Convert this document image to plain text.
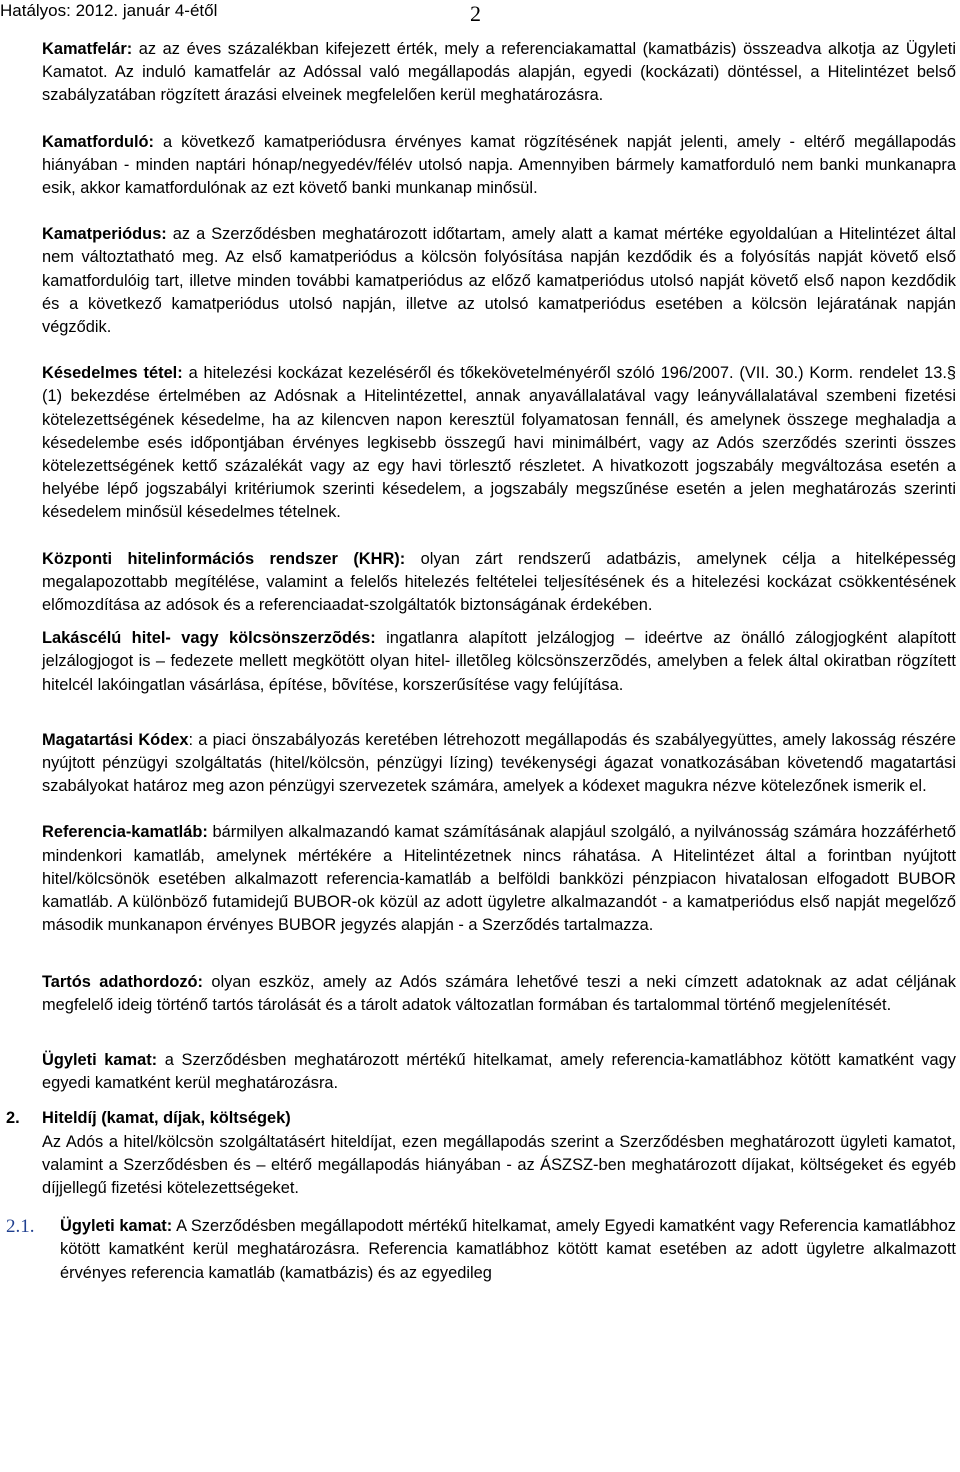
Hatályos: 2012. január 4-étől	2

Kamatfelár: az az éves százalékban kifejezett érték, mely a referenciakamattal (kamatbázis) összeadva alkotja az Ügyleti Kamatot. Az induló kamatfelár az Adóssal való megállapodás alapján, egyedi (kockázati) döntéssel, a Hitelintézet belső szabályzatában rögzített árazási elveinek megfelelően kerül meghatározásra.

Kamatforduló: a következő kamatperiódusra érvényes kamat rögzítésének napját jelenti, amely - eltérő megállapodás hiányában - minden naptári hónap/negyedév/félév utolsó napja. Amennyiben bármely kamatforduló nem banki munkanapra esik, akkor kamatfordulónak az ezt követő banki munkanap minősül.

Kamatperiódus: az a Szerződésben meghatározott időtartam, amely alatt a kamat mértéke egyoldalúan a Hitelintézet által nem változtatható meg. Az első kamatperiódus a kölcsön folyósítása napján kezdődik és a folyósítás napját követő első kamatfordulóig tart, illetve minden további kamatperiódus az előző kamatperiódus utolsó napját követő első napon kezdődik és a következő kamatperiódus utolsó napján, illetve az utolsó kamatperiódus esetében a kölcsön lejáratának napján végződik.

Késedelmes tétel: a hitelezési kockázat kezeléséről és tőkekövetelményéről szóló 196/2007. (VII. 30.) Korm. rendelet 13.§ (1) bekezdése értelmében az Adósnak a Hitelintézettel, annak anyavállalatával vagy leányvállalatával szembeni fizetési kötelezettségének késedelme, ha az kilencven napon keresztül folyamatosan fennáll, és amelynek összege meghaladja a késedelembe esés időpontjában érvényes legkisebb összegű havi minimálbért, vagy az Adós szerződés szerinti összes kötelezettségének kettő százalékát vagy az egy havi törlesztő részletet. A hivatkozott jogszabály megváltozása esetén a helyébe lépő jogszabályi kritériumok szerinti késedelem, a jogszabály megszűnése esetén a jelen meghatározás szerinti késedelem minősül késedelmes tételnek.

Központi hitelinformációs rendszer (KHR): olyan zárt rendszerű adatbázis, amelynek célja a hitelképesség megalapozottabb megítélése, valamint a felelős hitelezés feltételei teljesítésének és a hitelezési kockázat csökkentésének előmozdítása az adósok és a referenciaadat-szolgáltatók biztonságának érdekében.

Lakáscélú hitel- vagy kölcsönszerzõdés: ingatlanra alapított jelzálogjog – ideértve az önálló zálogjogként alapított jelzálogjogot is – fedezete mellett megkötött olyan hitel- illetõleg kölcsönszerzõdés, amelyben a felek által okiratban rögzített hitelcél lakóingatlan vásárlása, építése, bõvítése, korszerűsítése vagy felújítása.

Magatartási Kódex: a piaci önszabályozás keretében létrehozott megállapodás és szabályegyüttes, amely lakosság részére nyújtott pénzügyi szolgáltatás (hitel/kölcsön, pénzügyi lízing) tevékenységi ágazat vonatkozásában követendő magatartási szabályokat határoz meg azon pénzügyi szervezetek számára, amelyek a kódexet magukra nézve kötelezőnek ismerik el.

Referencia-kamatláb: bármilyen alkalmazandó kamat számításának alapjául szolgáló, a nyilvánosság számára hozzáférhető mindenkori kamatláb, amelynek mértékére a Hitelintézetnek nincs ráhatása. A Hitelintézet által a forintban nyújtott hitel/kölcsönök esetében alkalmazott referencia-kamatláb a belföldi bankközi pénzpiacon hivatalosan elfogadott BUBOR kamatláb. A különböző futamidejű BUBOR-ok közül az adott ügyletre alkalmazandót - a kamatperiódus első napját megelőző második munkanapon érvényes BUBOR jegyzés alapján - a Szerződés tartalmazza.

Tartós adathordozó: olyan eszköz, amely az Adós számára lehetővé teszi a neki címzett adatoknak az adat céljának megfelelő ideig történő tartós tárolását és a tárolt adatok változatlan formában és tartalommal történő megjelenítését.

Ügyleti kamat: a Szerződésben meghatározott mértékű hitelkamat, amely referencia-kamatlábhoz kötött kamatként vagy egyedi kamatként kerül meghatározásra.

2. Hiteldíj (kamat, díjak, költségek)

Az Adós a hitel/kölcsön szolgáltatásért hiteldíjat, ezen megállapodás szerint a Szerződésben meghatározott ügyleti kamatot, valamint a Szerződésben és – eltérő megállapodás hiányában - az ÁSZSZ-ben meghatározott díjakat, költségeket és egyéb díjjellegű fizetési kötelezettségeket.

2.1.	Ügyleti kamat: A Szerződésben megállapodott mértékű hitelkamat, amely Egyedi kamatként vagy Referencia kamatlábhoz kötött kamatként kerül meghatározásra. Referencia kamatlábhoz kötött kamat esetében az adott ügyletre alkalmazott érvényes referencia kamatláb (kamatbázis) és az egyedileg
